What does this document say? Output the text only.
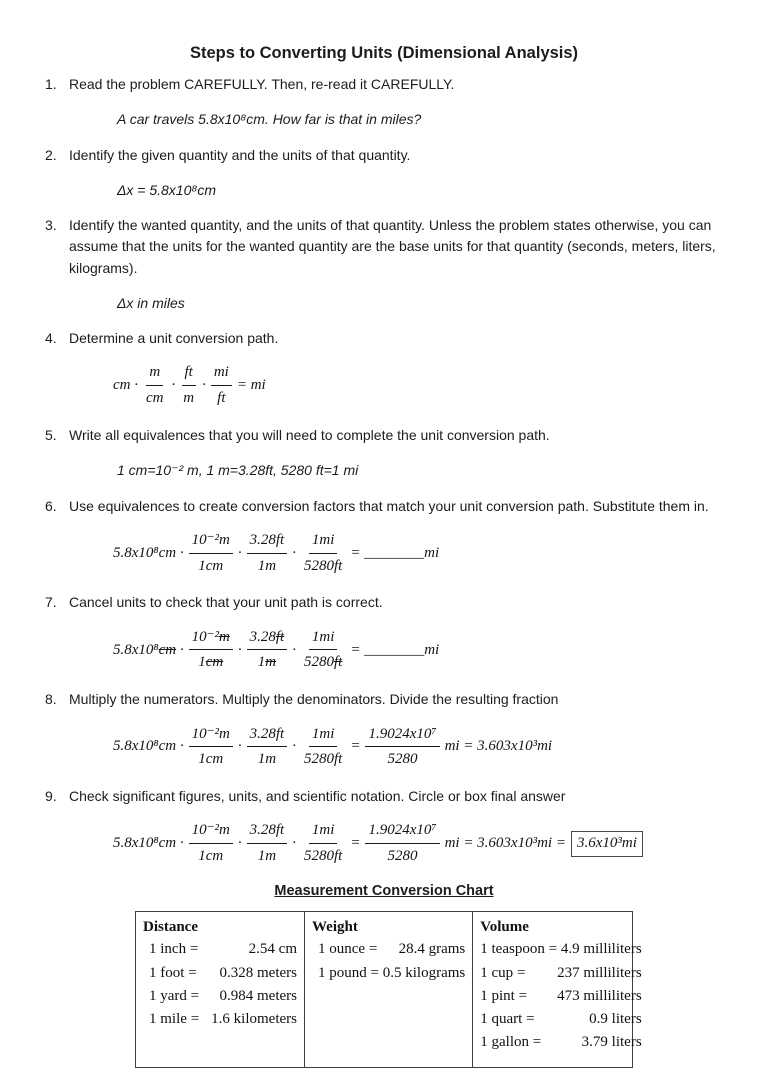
Steps to Converting Units (Dimensional Analysis)
1. Read the problem CAREFULLY. Then, re-read it CAREFULLY.
A car travels 5.8x10⁸cm. How far is that in miles?
2. Identify the given quantity and the units of that quantity.
Δx = 5.8x10⁸cm
3. Identify the wanted quantity, and the units of that quantity. Unless the problem states otherwise, you can assume that the units for the wanted quantity are the base units for that quantity (seconds, meters, liters, kilograms).
Δx in miles
4. Determine a unit conversion path.
cm · $\frac{m}{cm} \cdot \frac{ft}{m} \cdot \frac{mi}{ft}$ = mi
5. Write all equivalences that you will need to complete the unit conversion path.
1 cm=10⁻² m, 1 m=3.28ft, 5280 ft=1 mi
6. Use equivalences to create conversion factors that match your unit conversion path. Substitute them in.
$5.8x10^8cm \cdot \frac{\text{10⁻²m}}{1cm} \cdot \frac{3.28ft}{1m} \cdot \frac{1mi}{5280ft}$ = ________mi
7. Cancel units to check that your unit path is correct.
$5.8x10^8cm \cdot \frac{\text{10⁻²m}}{1cm} \cdot \frac{3.28ft}{1m} \cdot \frac{1mi}{5280ft}$ = ________mi
8. Multiply the numerators. Multiply the denominators. Divide the resulting fraction
$5.8x10^8cm \cdot \frac{\text{10⁻²m}}{1cm} \cdot \frac{3.28ft}{1m} \cdot \frac{1mi}{5280ft} = \frac{\text{1.9024x10⁷}}{5280}$ mi = 3.603x10³mi
9. Check significant figures, units, and scientific notation. Circle or box final answer
$5.8x10^8cm \cdot \frac{\text{10⁻²m}}{1cm} \cdot \frac{3.28ft}{1m} \cdot \frac{1mi}{5280ft} = \frac{\text{1.9024x10⁷}}{5280}$ mi = 3.603x10³mi = 3.6x10³mi
Measurement Conversion Chart
Distance
1 inch =	2.54 cm
1 foot =	0.328 meters
1 yard =	0.984 meters
1 mile = 1.6 kilometers
Weight
1 ounce =	28.4 grams
1 pound = 0.5 kilograms
Volume
1 teaspoon = 4.9 milliliters
1 cup =	237 milliliters
1 pint =	473 milliliters
1 quart =	0.9 liters
1 gallon =	3.79 liters
